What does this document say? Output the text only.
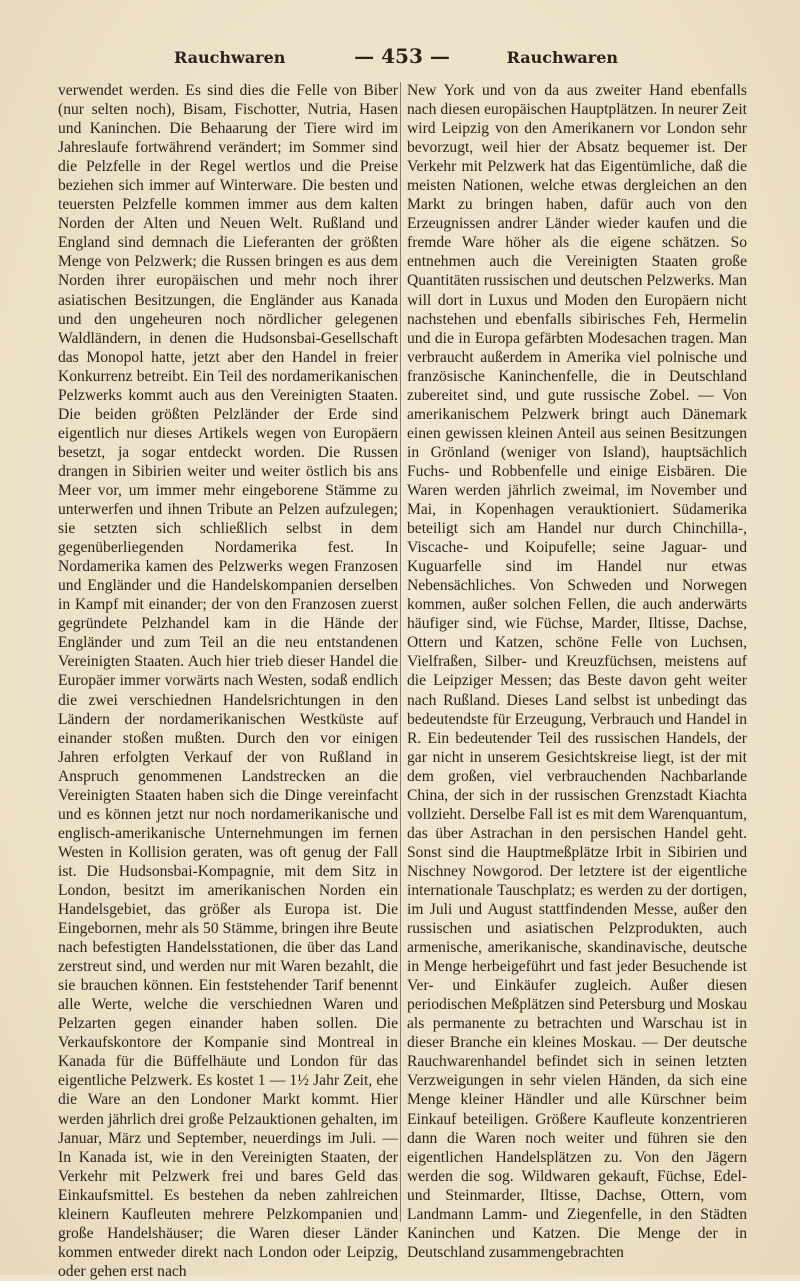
Rauchwaren	— 453 —	Rauchwaren

verwendet werden. Es sind dies die Felle von Biber (nur selten noch), Bisam, Fischotter, Nutria, Hasen und Kaninchen. Die Behaarung der Tiere wird im Jahreslaufe fortwährend verändert; im Sommer sind die Pelzfelle in der Regel wertlos und die Preise beziehen sich immer auf Winterware. Die besten und teuersten Pelzfelle kommen immer aus dem kalten Norden der Alten und Neuen Welt. Rußland und England sind demnach die Lieferanten der größten Menge von Pelzwerk; die Russen bringen es aus dem Norden ihrer europäischen und mehr noch ihrer asiatischen Besitzungen, die Engländer aus Kanada und den ungeheuren noch nördlicher gelegenen Waldländern, in denen die Hudsonsbai-Gesellschaft das Monopol hatte, jetzt aber den Handel in freier Konkurrenz betreibt. Ein Teil des nordamerikanischen Pelzwerks kommt auch aus den Vereinigten Staaten. Die beiden größten Pelzländer der Erde sind eigentlich nur dieses Artikels wegen von Europäern besetzt, ja sogar entdeckt worden. Die Russen drangen in Sibirien weiter und weiter östlich bis ans Meer vor, um immer mehr eingeborene Stämme zu unterwerfen und ihnen Tribute an Pelzen aufzulegen; sie setzten sich schließlich selbst in dem gegenüberliegenden Nordamerika fest. In Nordamerika kamen des Pelzwerks wegen Franzosen und Engländer und die Handelskompanien derselben in Kampf mit einander; der von den Franzosen zuerst gegründete Pelzhandel kam in die Hände der Engländer und zum Teil an die neu entstandenen Vereinigten Staaten. Auch hier trieb dieser Handel die Europäer immer vorwärts nach Westen, sodaß endlich die zwei verschiednen Handelsrichtungen in den Ländern der nordamerikanischen Westküste auf einander stoßen mußten. Durch den vor einigen Jahren erfolgten Verkauf der von Rußland in Anspruch genommenen Landstrecken an die Vereinigten Staaten haben sich die Dinge vereinfacht und es können jetzt nur noch nordamerikanische und englisch-amerikanische Unternehmungen im fernen Westen in Kollision geraten, was oft genug der Fall ist. Die Hudsonsbai-Kompagnie, mit dem Sitz in London, besitzt im amerikanischen Norden ein Handelsgebiet, das größer als Europa ist. Die Eingebornen, mehr als 50 Stämme, bringen ihre Beute nach befestigten Handelsstationen, die über das Land zerstreut sind, und werden nur mit Waren bezahlt, die sie brauchen können. Ein feststehender Tarif benennt alle Werte, welche die verschiednen Waren und Pelzarten gegen einander haben sollen. Die Verkaufskontore der Kompanie sind Montreal in Kanada für die Büffelhäute und London für das eigentliche Pelzwerk. Es kostet 1 — 1½ Jahr Zeit, ehe die Ware an den Londoner Markt kommt. Hier werden jährlich drei große Pelzauktionen gehalten, im Januar, März und September, neuerdings im Juli. — In Kanada ist, wie in den Vereinigten Staaten, der Verkehr mit Pelzwerk frei und bares Geld das Einkaufsmittel. Es bestehen da neben zahlreichen kleinern Kaufleuten mehrere Pelzkompanien und große Handelshäuser; die Waren dieser Länder kommen entweder direkt nach London oder Leipzig, oder gehen erst nach

New York und von da aus zweiter Hand ebenfalls nach diesen europäischen Hauptplätzen. In neurer Zeit wird Leipzig von den Amerikanern vor London sehr bevorzugt, weil hier der Absatz bequemer ist. Der Verkehr mit Pelzwerk hat das Eigentümliche, daß die meisten Nationen, welche etwas dergleichen an den Markt zu bringen haben, dafür auch von den Erzeugnissen andrer Länder wieder kaufen und die fremde Ware höher als die eigene schätzen. So entnehmen auch die Vereinigten Staaten große Quantitäten russischen und deutschen Pelzwerks. Man will dort in Luxus und Moden den Europäern nicht nachstehen und ebenfalls sibirisches Feh, Hermelin und die in Europa gefärbten Modesachen tragen. Man verbraucht außerdem in Amerika viel polnische und französische Kaninchenfelle, die in Deutschland zubereitet sind, und gute russische Zobel. — Von amerikanischem Pelzwerk bringt auch Dänemark einen gewissen kleinen Anteil aus seinen Besitzungen in Grönland (weniger von Island), hauptsächlich Fuchs- und Robbenfelle und einige Eisbären. Die Waren werden jährlich zweimal, im November und Mai, in Kopenhagen verauktioniert. Südamerika beteiligt sich am Handel nur durch Chinchilla-, Viscache- und Koipufelle; seine Jaguar- und Kuguarfelle sind im Handel nur etwas Nebensächliches. Von Schweden und Norwegen kommen, außer solchen Fellen, die auch anderwärts häufiger sind, wie Füchse, Marder, Iltisse, Dachse, Ottern und Katzen, schöne Felle von Luchsen, Vielfraßen, Silber- und Kreuzfüchsen, meistens auf die Leipziger Messen; das Beste davon geht weiter nach Rußland. Dieses Land selbst ist unbedingt das bedeutendste für Erzeugung, Verbrauch und Handel in R. Ein bedeutender Teil des russischen Handels, der gar nicht in unserem Gesichtskreise liegt, ist der mit dem großen, viel verbrauchenden Nachbarlande China, der sich in der russischen Grenzstadt Kiachta vollzieht. Derselbe Fall ist es mit dem Warenquantum, das über Astrachan in den persischen Handel geht. Sonst sind die Hauptmeßplätze Irbit in Sibirien und Nischney Nowgorod. Der letztere ist der eigentliche internationale Tauschplatz; es werden zu der dortigen, im Juli und August stattfindenden Messe, außer den russischen und asiatischen Pelzprodukten, auch armenische, amerikanische, skandinavische, deutsche in Menge herbeigeführt und fast jeder Besuchende ist Ver- und Einkäufer zugleich. Außer diesen periodischen Meßplätzen sind Petersburg und Moskau als permanente zu betrachten und Warschau ist in dieser Branche ein kleines Moskau. — Der deutsche Rauchwarenhandel befindet sich in seinen letzten Verzweigungen in sehr vielen Händen, da sich eine Menge kleiner Händler und alle Kürschner beim Einkauf beteiligen. Größere Kaufleute konzentrieren dann die Waren noch weiter und führen sie den eigentlichen Handelsplätzen zu. Von den Jägern werden die sog. Wildwaren gekauft, Füchse, Edel- und Steinmarder, Iltisse, Dachse, Ottern, vom Landmann Lamm- und Ziegenfelle, in den Städten Kaninchen und Katzen. Die Menge der in Deutschland zusammengebrachten
